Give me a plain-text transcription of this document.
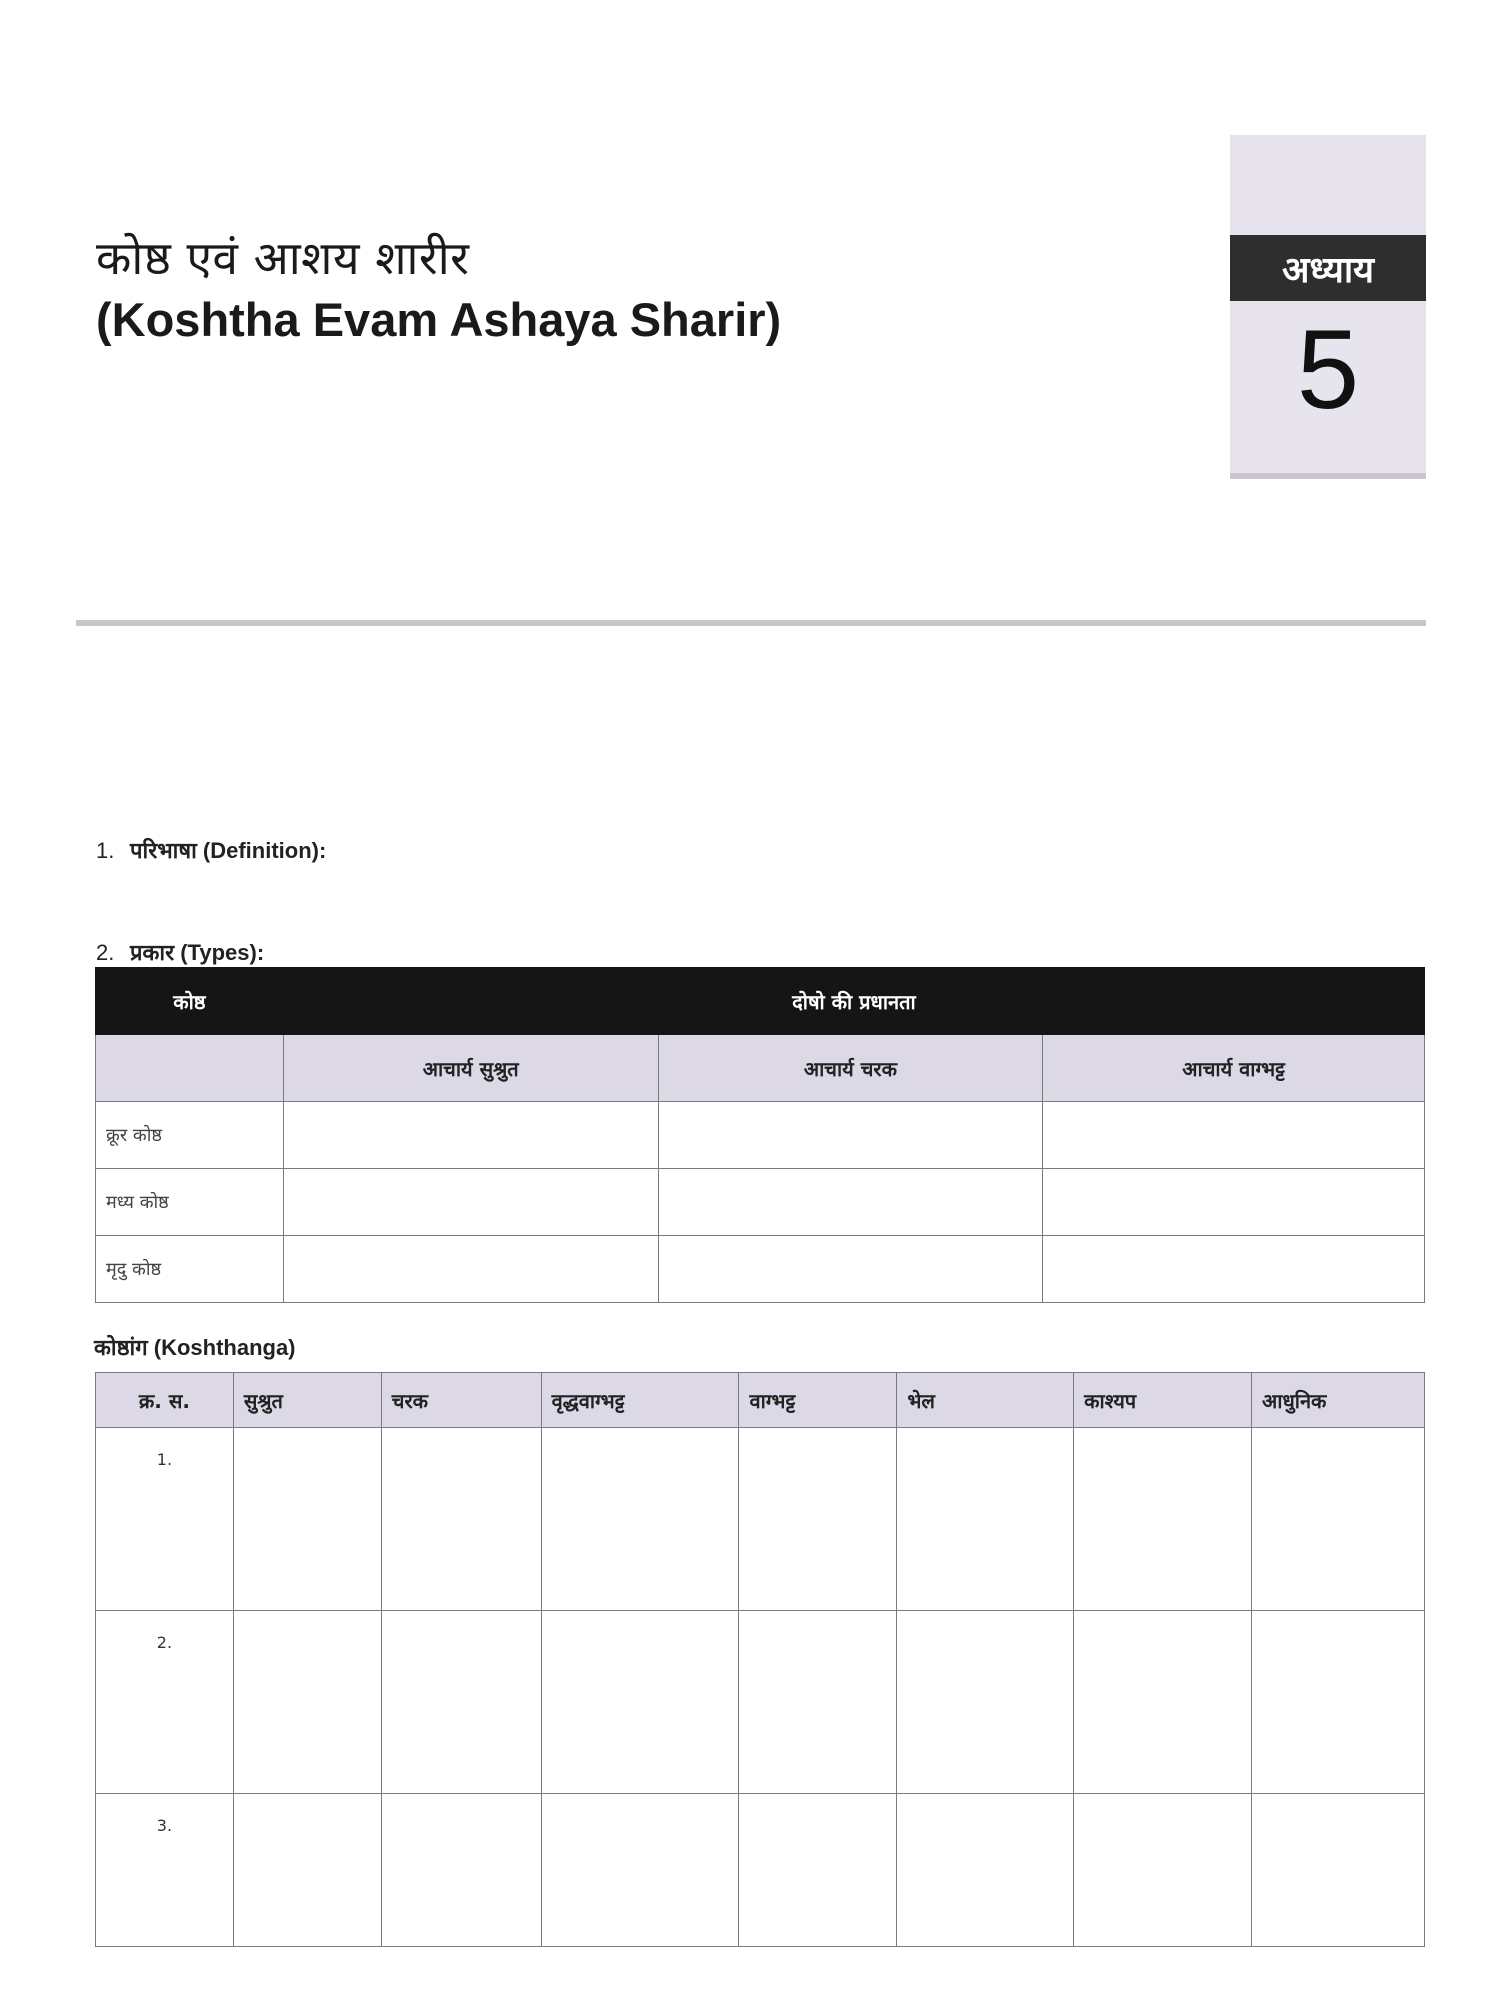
कोष्ठ एवं आशय शारीर
(Koshtha Evam Ashaya Sharir)
अध्याय
5
1. परिभाषा (Definition):
2. प्रकार (Types):
कोष्ठ	दोषो की प्रधानता		
	आचार्य सुश्रुत	आचार्य चरक	आचार्य वाग्भट्ट
क्रूर कोष्ठ			
मध्य कोष्ठ			
मृदु कोष्ठ			
कोष्ठांग (Koshthanga)
क्र. स.	सुश्रुत	चरक	वृद्धवाग्भट्ट	वाग्भट्ट	भेल	काश्यप	आधुनिक
1.							
2.							
3.							
